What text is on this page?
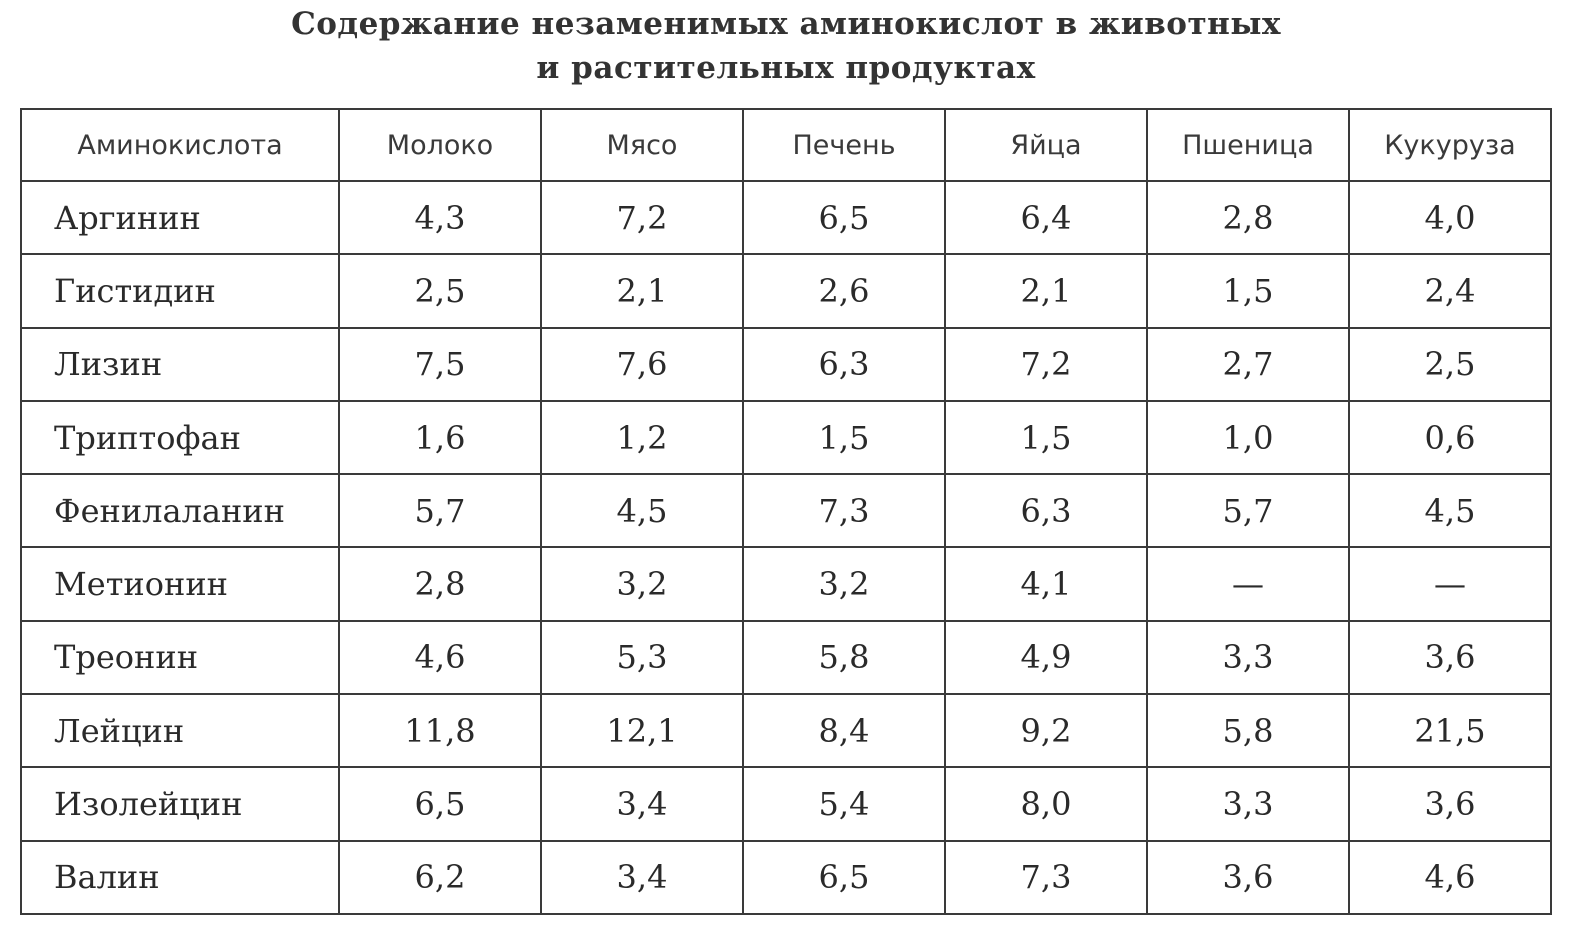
Содержание незаменимых аминокислот в животных
и растительных продуктах
Аминокислота	Молоко	Мясо	Печень	Яйца	Пшеница	Кукуруза
Аргинин	4,3	7,2	6,5	6,4	2,8	4,0
Гистидин	2,5	2,1	2,6	2,1	1,5	2,4
Лизин	7,5	7,6	6,3	7,2	2,7	2,5
Триптофан	1,6	1,2	1,5	1,5	1,0	0,6
Фенилаланин	5,7	4,5	7,3	6,3	5,7	4,5
Метионин	2,8	3,2	3,2	4,1	—	—
Треонин	4,6	5,3	5,8	4,9	3,3	3,6
Лейцин	11,8	12,1	8,4	9,2	5,8	21,5
Изолейцин	6,5	3,4	5,4	8,0	3,3	3,6
Валин	6,2	3,4	6,5	7,3	3,6	4,6
